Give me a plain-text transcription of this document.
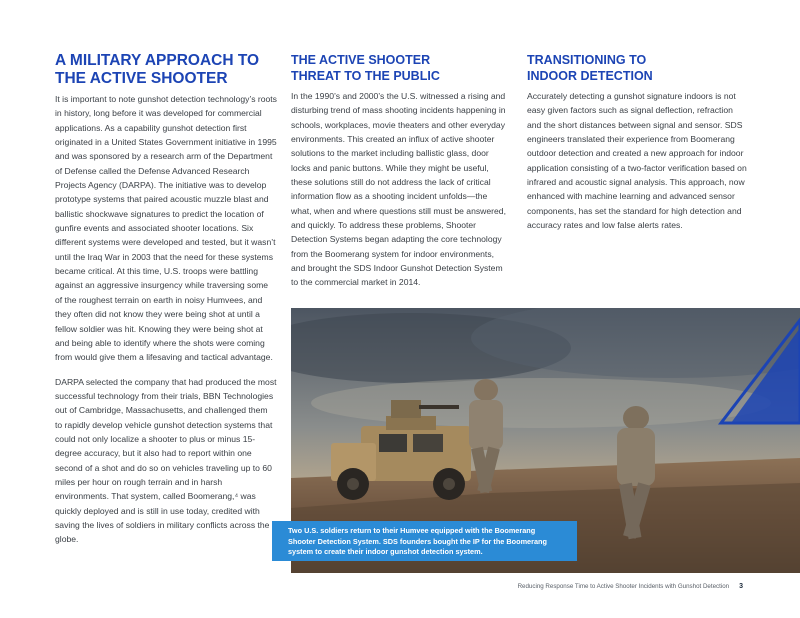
A MILITARY APPROACH TO
THE ACTIVE SHOOTER

It is important to note gunshot detection technology’s roots in history, long before it was developed for commercial applications. As a capability gunshot detection first originated in a United States Government initiative in 1995 and was sponsored by a research arm of the Department of Defense called the Defense Advanced Research Projects Agency (DARPA). The initiative was to develop prototype systems that paired acoustic muzzle blast and ballistic shockwave signatures to predict the location of gunfire events and associated shooter locations. Six different systems were developed and tested, but it wasn’t until the Iraq War in 2003 that the need for these systems became critical. At this time, U.S. troops were battling against an aggressive insurgency while traversing some of the roughest terrain on earth in noisy Humvees, and they often did not know they were being shot at until a fellow soldier was hit. Knowing they were being shot at and being able to identify where the shots were coming from would give them a lifesaving and tactical advantage.

DARPA selected the company that had produced the most successful technology from their trials, BBN Technologies out of Cambridge, Massachusetts, and challenged them to rapidly develop vehicle gunshot detection systems that could not only localize a shooter to plus or minus 15-degree accuracy, but it also had to report within one second of a shot and do so on vehicles traveling up to 60 miles per hour on rough terrain and in harsh environments. That system, called Boomerang,⁴ was quickly deployed and is still in use today, credited with saving the lives of soldiers in military conflicts across the globe.

THE ACTIVE SHOOTER
THREAT TO THE PUBLIC

In the 1990’s and 2000’s the U.S. witnessed a rising and disturbing trend of mass shooting incidents happening in schools, workplaces, movie theaters and other everyday environments. This created an influx of active shooter solutions to the market including ballistic glass, door locks and panic buttons. While they might be useful, these solutions still do not address the lack of critical information flow as a shooting incident unfolds—the what, when and where questions still must be answered, and quickly. To address these problems, Shooter Detection Systems began adapting the core technology from the Boomerang system for indoor environments, and brought the SDS Indoor Gunshot Detection System to the commercial market in 2014.

TRANSITIONING TO
INDOOR DETECTION

Accurately detecting a gunshot signature indoors is not easy given factors such as signal deflection, refraction and the short distances between signal and sensor. SDS engineers translated their experience from Boomerang outdoor detection and created a new approach for indoor application consisting of a two-factor verification based on infrared and acoustic signal analysis. This approach, now enhanced with machine learning and advanced sensor components, has set the standard for high detection and accuracy rates and low false alerts rates.

Two U.S. soldiers return to their Humvee equipped with the Boomerang
Shooter Detection System. SDS founders bought the IP for the Boomerang
system to create their indoor gunshot detection system.
Reducing Response Time to Active Shooter Incidents with Gunshot Detection 3
